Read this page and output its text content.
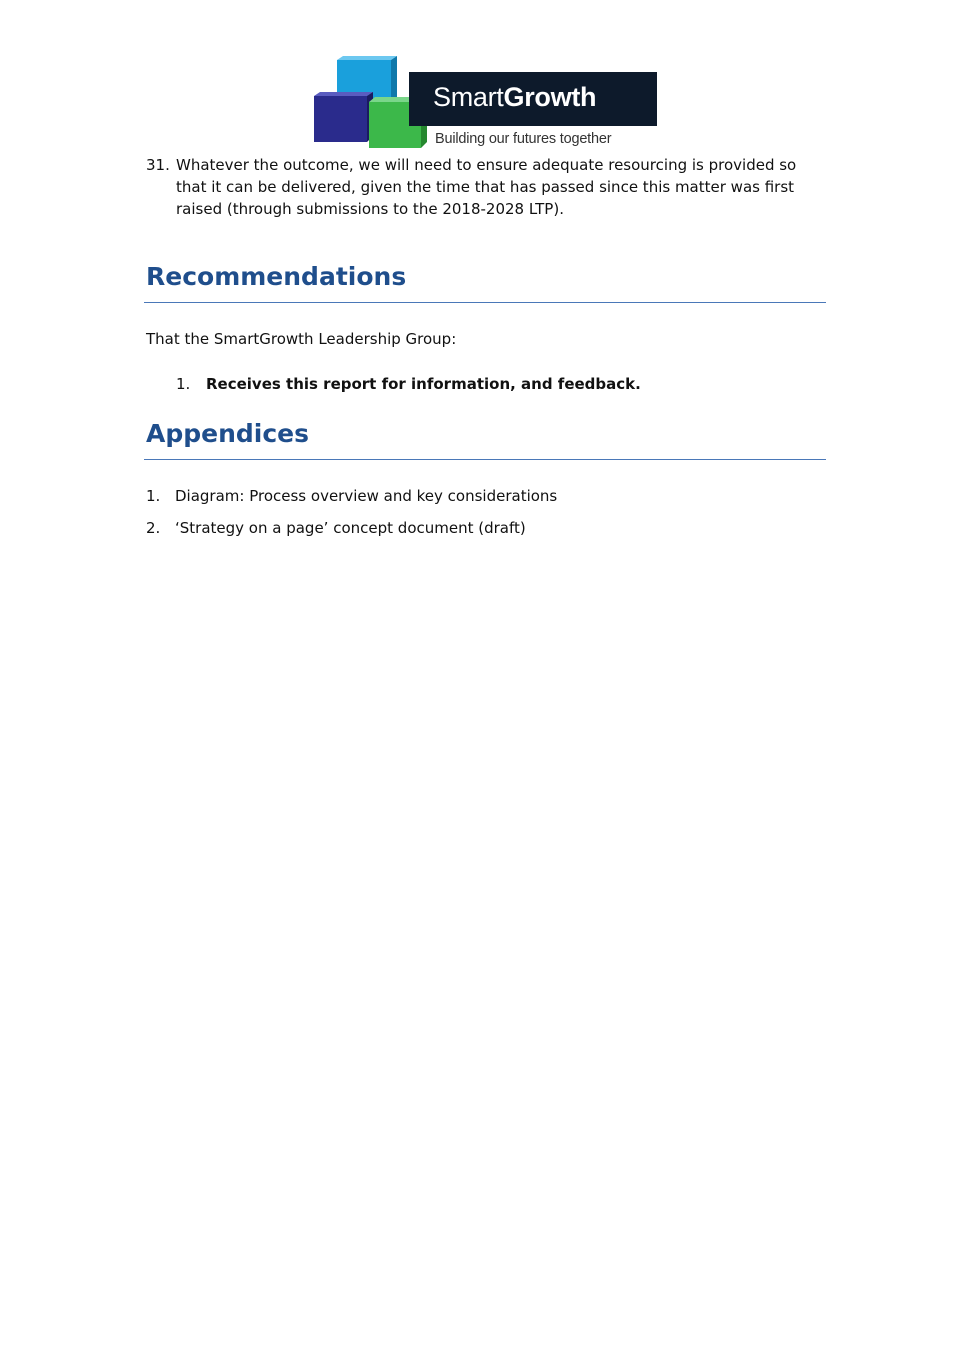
SmartGrowth
Building our futures together
31. Whatever the outcome, we will need to ensure adequate resourcing is provided so that it can be delivered, given the time that has passed since this matter was first raised (through submissions to the 2018-2028 LTP).
Recommendations
That the SmartGrowth Leadership Group:
1. Receives this report for information, and feedback.
Appendices
1. Diagram: Process overview and key considerations
2. ‘Strategy on a page’ concept document (draft)
